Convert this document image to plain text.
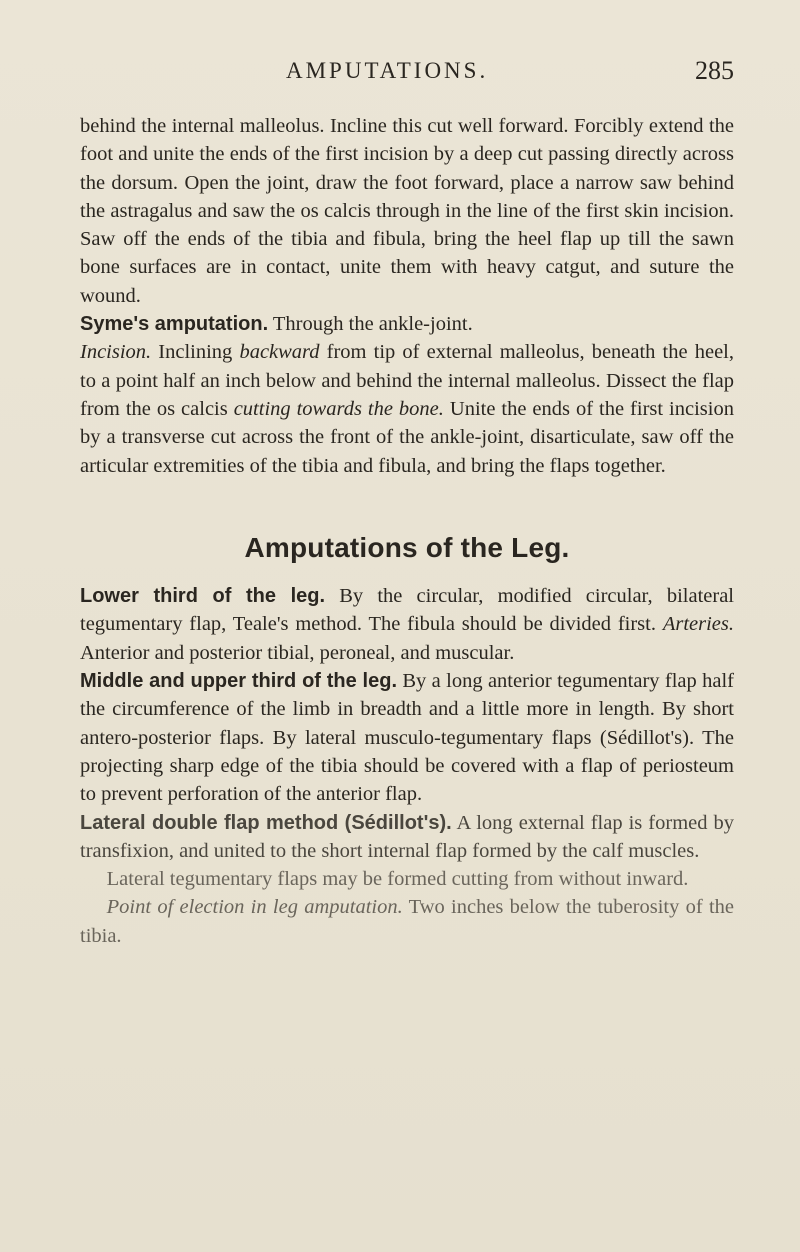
AMPUTATIONS.	285

behind the internal malleolus. Incline this cut well forward. Forcibly extend the foot and unite the ends of the first incision by a deep cut passing directly across the dorsum. Open the joint, draw the foot forward, place a narrow saw behind the astragalus and saw the os calcis through in the line of the first skin incision. Saw off the ends of the tibia and fibula, bring the heel flap up till the sawn bone surfaces are in contact, unite them with heavy catgut, and suture the wound.

Syme's amputation. Through the ankle-joint.

Incision. Inclining backward from tip of external malleolus, beneath the heel, to a point half an inch below and behind the internal malleolus. Dissect the flap from the os calcis cutting towards the bone. Unite the ends of the first incision by a transverse cut across the front of the ankle-joint, disarticulate, saw off the articular extremities of the tibia and fibula, and bring the flaps together.

Amputations of the Leg.

Lower third of the leg. By the circular, modified circular, bilateral tegumentary flap, Teale's method. The fibula should be divided first. Arteries. Anterior and posterior tibial, peroneal, and muscular.

Middle and upper third of the leg. By a long anterior tegumentary flap half the circumference of the limb in breadth and a little more in length. By short antero-posterior flaps. By lateral musculo-tegumentary flaps (Sédillot's). The projecting sharp edge of the tibia should be covered with a flap of periosteum to prevent perforation of the anterior flap.

Lateral double flap method (Sédillot's). A long external flap is formed by transfixion, and united to the short internal flap formed by the calf muscles.

Lateral tegumentary flaps may be formed cutting from without inward.

Point of election in leg amputation. Two inches below the tuberosity of the tibia.
